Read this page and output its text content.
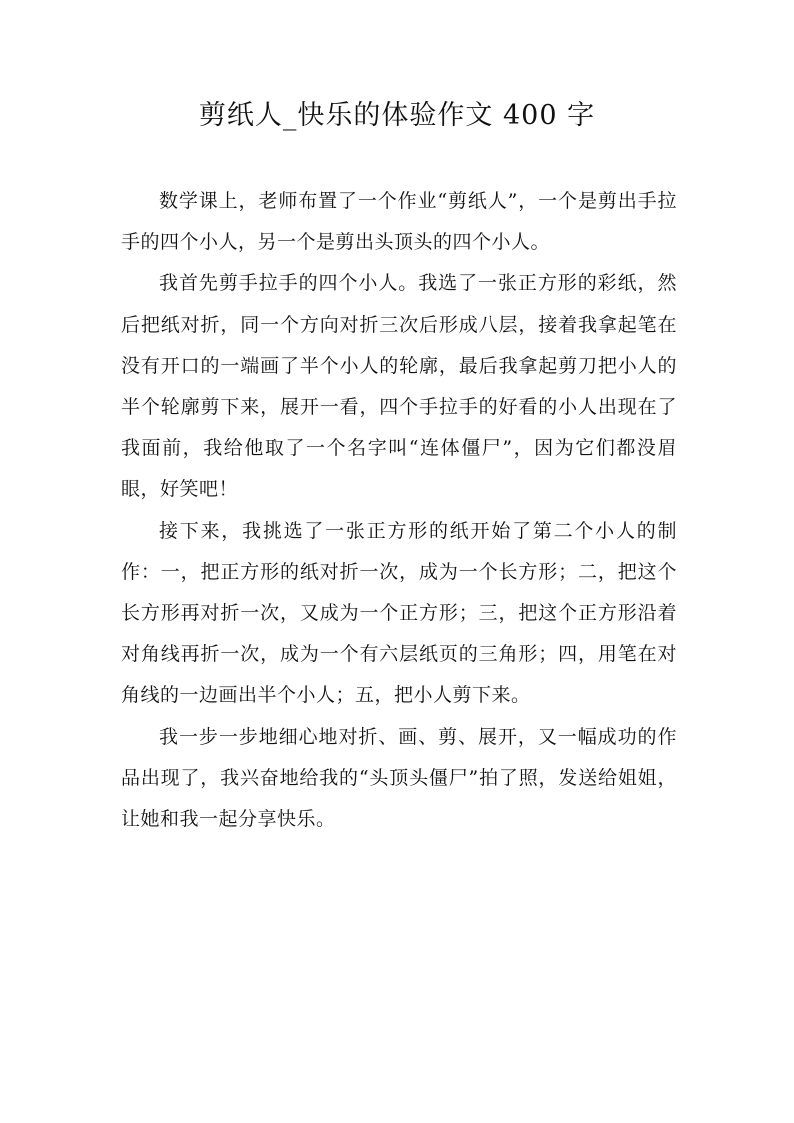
剪纸人_快乐的体验作文 400 字

数学课上，老师布置了一个作业“剪纸人”，一个是剪出手拉手的四个小人，另一个是剪出头顶头的四个小人。

我首先剪手拉手的四个小人。我选了一张正方形的彩纸，然后把纸对折，同一个方向对折三次后形成八层，接着我拿起笔在没有开口的一端画了半个小人的轮廓，最后我拿起剪刀把小人的半个轮廓剪下来，展开一看，四个手拉手的好看的小人出现在了我面前，我给他取了一个名字叫“连体僵尸”，因为它们都没眉眼，好笑吧！

接下来，我挑选了一张正方形的纸开始了第二个小人的制作：一，把正方形的纸对折一次，成为一个长方形；二，把这个长方形再对折一次，又成为一个正方形；三，把这个正方形沿着对角线再折一次，成为一个有六层纸页的三角形；四，用笔在对角线的一边画出半个小人；五，把小人剪下来。

我一步一步地细心地对折、画、剪、展开，又一幅成功的作品出现了，我兴奋地给我的“头顶头僵尸”拍了照，发送给姐姐，让她和我一起分享快乐。
